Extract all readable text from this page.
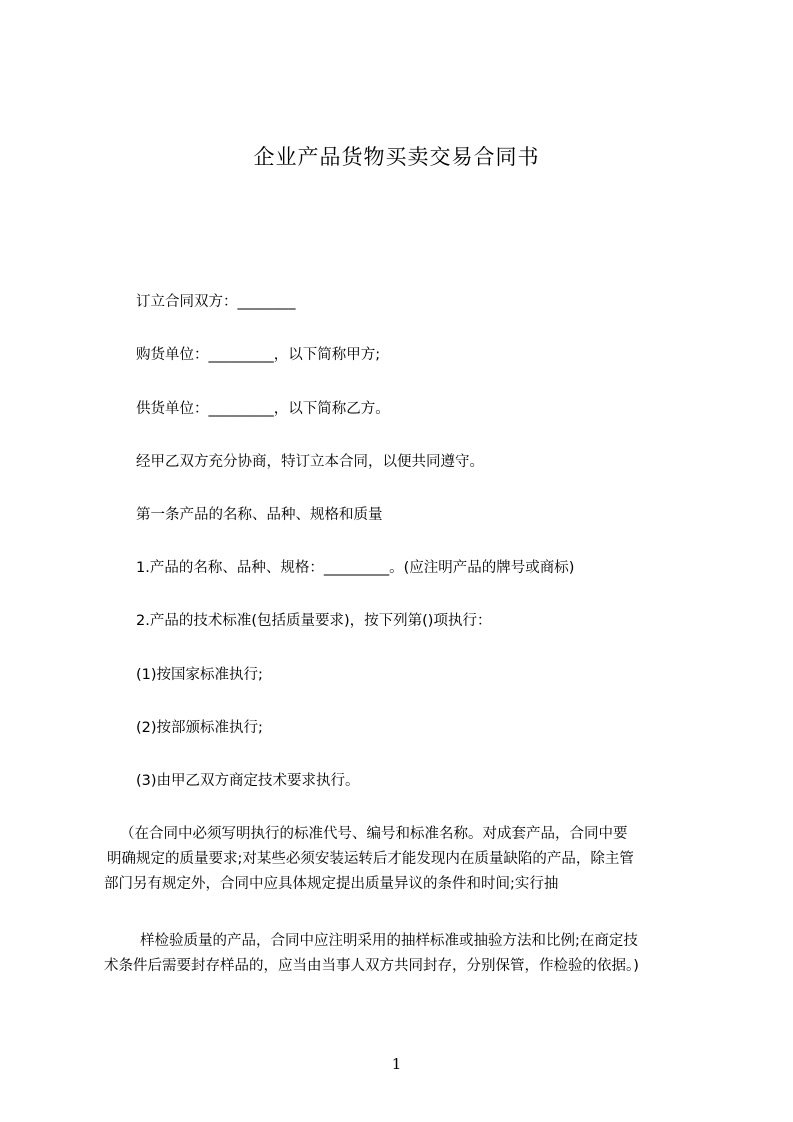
企业产品货物买卖交易合同书
订立合同双方：________
购货单位：_________，以下简称甲方;
供货单位：_________，以下简称乙方。
经甲乙双方充分协商，特订立本合同，以便共同遵守。
第一条产品的名称、品种、规格和质量
1.产品的名称、品种、规格：_________。(应注明产品的牌号或商标)
2.产品的技术标准(包括质量要求)，按下列第()项执行：
(1)按国家标准执行;
(2)按部颁标准执行;
(3)由甲乙双方商定技术要求执行。
（在合同中必须写明执行的标准代号、编号和标准名称。对成套产品，合同中要
明确规定的质量要求;对某些必须安装运转后才能发现内在质量缺陷的产品，除主管
部门另有规定外，合同中应具体规定提出质量异议的条件和时间;实行抽
样检验质量的产品，合同中应注明采用的抽样标准或抽验方法和比例;在商定技
术条件后需要封存样品的，应当由当事人双方共同封存，分别保管，作检验的依据。)
1
